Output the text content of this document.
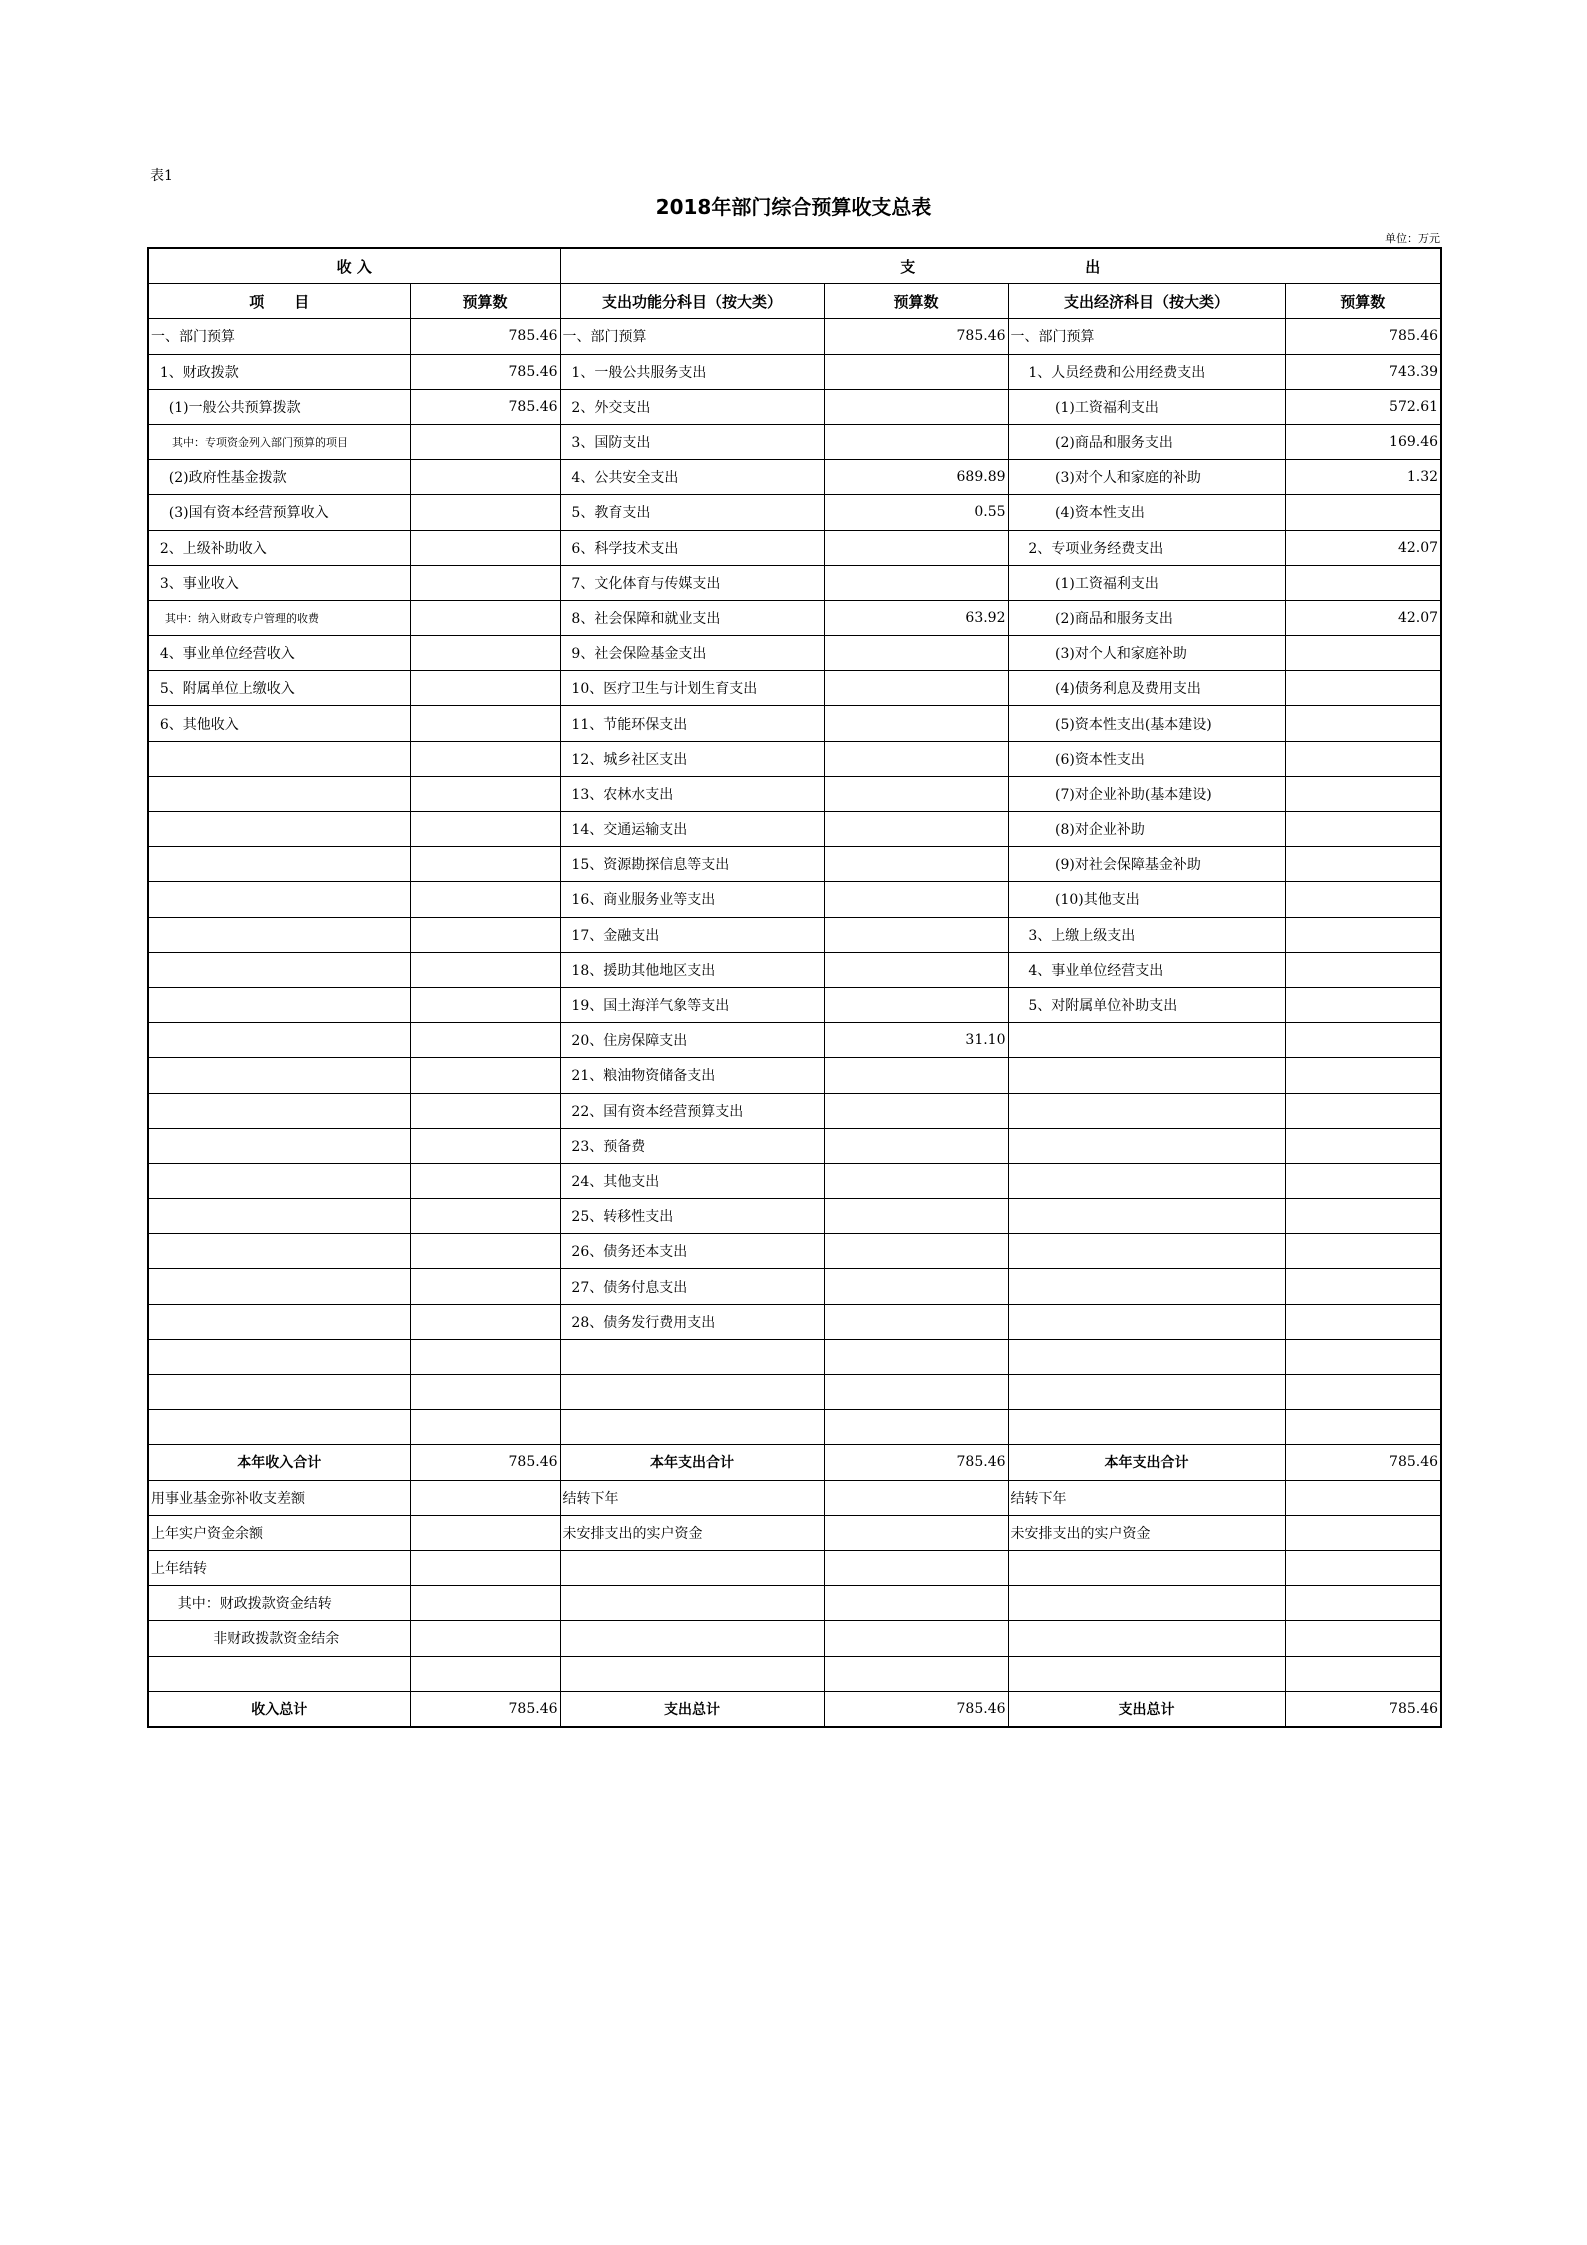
表1
2018年部门综合预算收支总表
单位：万元
收 入		支 出			
项　　目	预算数	支出功能分科目（按大类）	预算数	支出经济科目（按大类）	预算数
一、部门预算	785.46	一、部门预算	785.46	一、部门预算	785.46
1、财政拨款	785.46	1、一般公共服务支出		1、人员经费和公用经费支出	743.39
(1)一般公共预算拨款	785.46	2、外交支出		(1)工资福利支出	572.61
其中：专项资金列入部门预算的项目		3、国防支出		(2)商品和服务支出	169.46
(2)政府性基金拨款		4、公共安全支出	689.89	(3)对个人和家庭的补助	1.32
(3)国有资本经营预算收入		5、教育支出	0.55	(4)资本性支出	
2、上级补助收入		6、科学技术支出		2、专项业务经费支出	42.07
3、事业收入		7、文化体育与传媒支出		(1)工资福利支出	
其中：纳入财政专户管理的收费		8、社会保障和就业支出	63.92	(2)商品和服务支出	42.07
4、事业单位经营收入		9、社会保险基金支出		(3)对个人和家庭补助	
5、附属单位上缴收入		10、医疗卫生与计划生育支出		(4)债务利息及费用支出	
6、其他收入		11、节能环保支出		(5)资本性支出(基本建设)	
		12、城乡社区支出		(6)资本性支出	
		13、农林水支出		(7)对企业补助(基本建设)	
		14、交通运输支出		(8)对企业补助	
		15、资源勘探信息等支出		(9)对社会保障基金补助	
		16、商业服务业等支出		(10)其他支出	
		17、金融支出		3、上缴上级支出	
		18、援助其他地区支出		4、事业单位经营支出	
		19、国土海洋气象等支出		5、对附属单位补助支出	
		20、住房保障支出	31.10		
		21、粮油物资储备支出			
		22、国有资本经营预算支出			
		23、预备费			
		24、其他支出			
		25、转移性支出			
		26、债务还本支出			
		27、债务付息支出			
		28、债务发行费用支出			

本年收入合计	785.46	本年支出合计	785.46	本年支出合计	785.46
用事业基金弥补收支差额		结转下年		结转下年	
上年实户资金余额		未安排支出的实户资金		未安排支出的实户资金	
上年结转					
其中：财政拨款资金结转					
非财政拨款资金结余					

收入总计	785.46	支出总计	785.46	支出总计	785.46
